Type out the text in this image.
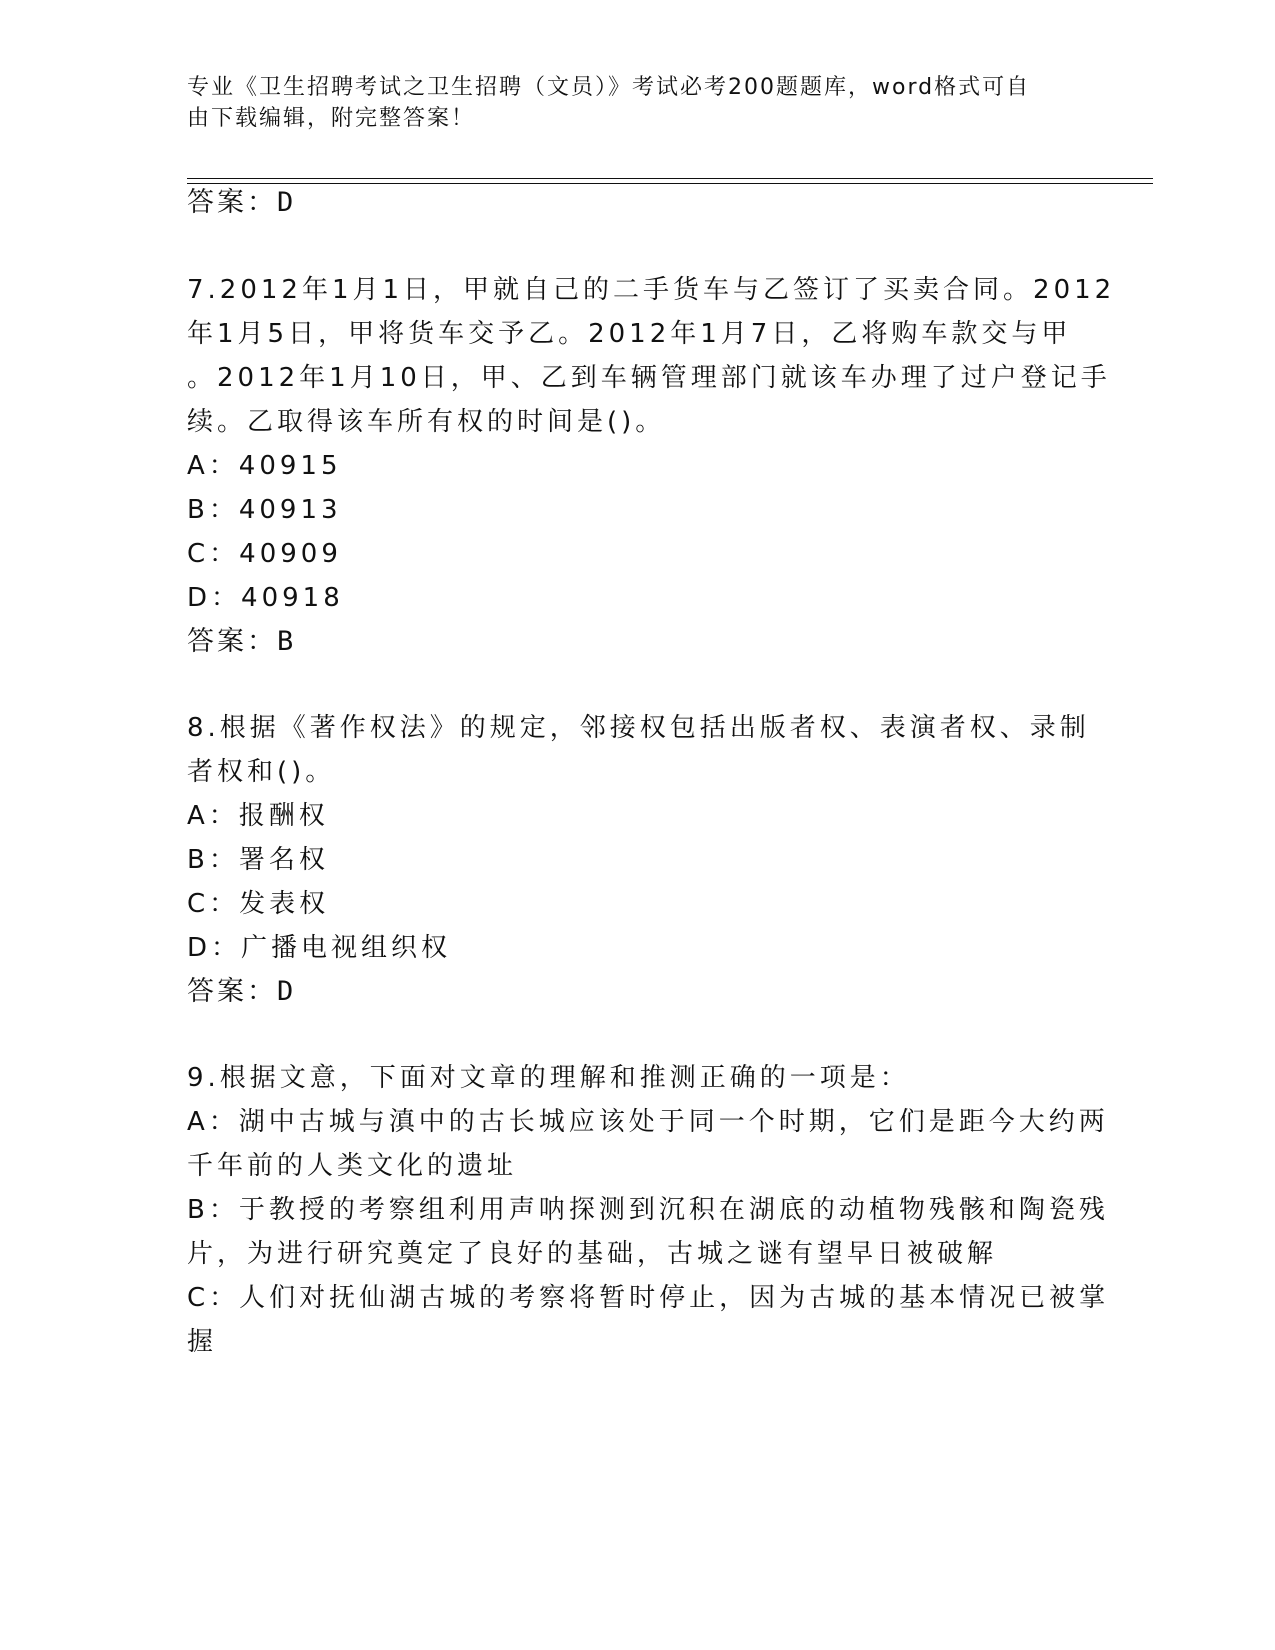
专业《卫生招聘考试之卫生招聘（文员）》考试必考200题题库，word格式可自
由下载编辑，附完整答案！
答案：D
7.2012年1月1日，甲就自己的二手货车与乙签订了买卖合同。2012
年1月5日，甲将货车交予乙。2012年1月7日，乙将购车款交与甲
。2012年1月10日，甲、乙到车辆管理部门就该车办理了过户登记手
续。乙取得该车所有权的时间是()。
A：40915
B：40913
C：40909
D：40918
答案：B
8.根据《著作权法》的规定，邻接权包括出版者权、表演者权、录制
者权和()。
A：报酬权
B：署名权
C：发表权
D：广播电视组织权
答案：D
9.根据文意，下面对文章的理解和推测正确的一项是：
A：湖中古城与滇中的古长城应该处于同一个时期，它们是距今大约两
千年前的人类文化的遗址
B：于教授的考察组利用声呐探测到沉积在湖底的动植物残骸和陶瓷残
片，为进行研究奠定了良好的基础，古城之谜有望早日被破解
C：人们对抚仙湖古城的考察将暂时停止，因为古城的基本情况已被掌
握
